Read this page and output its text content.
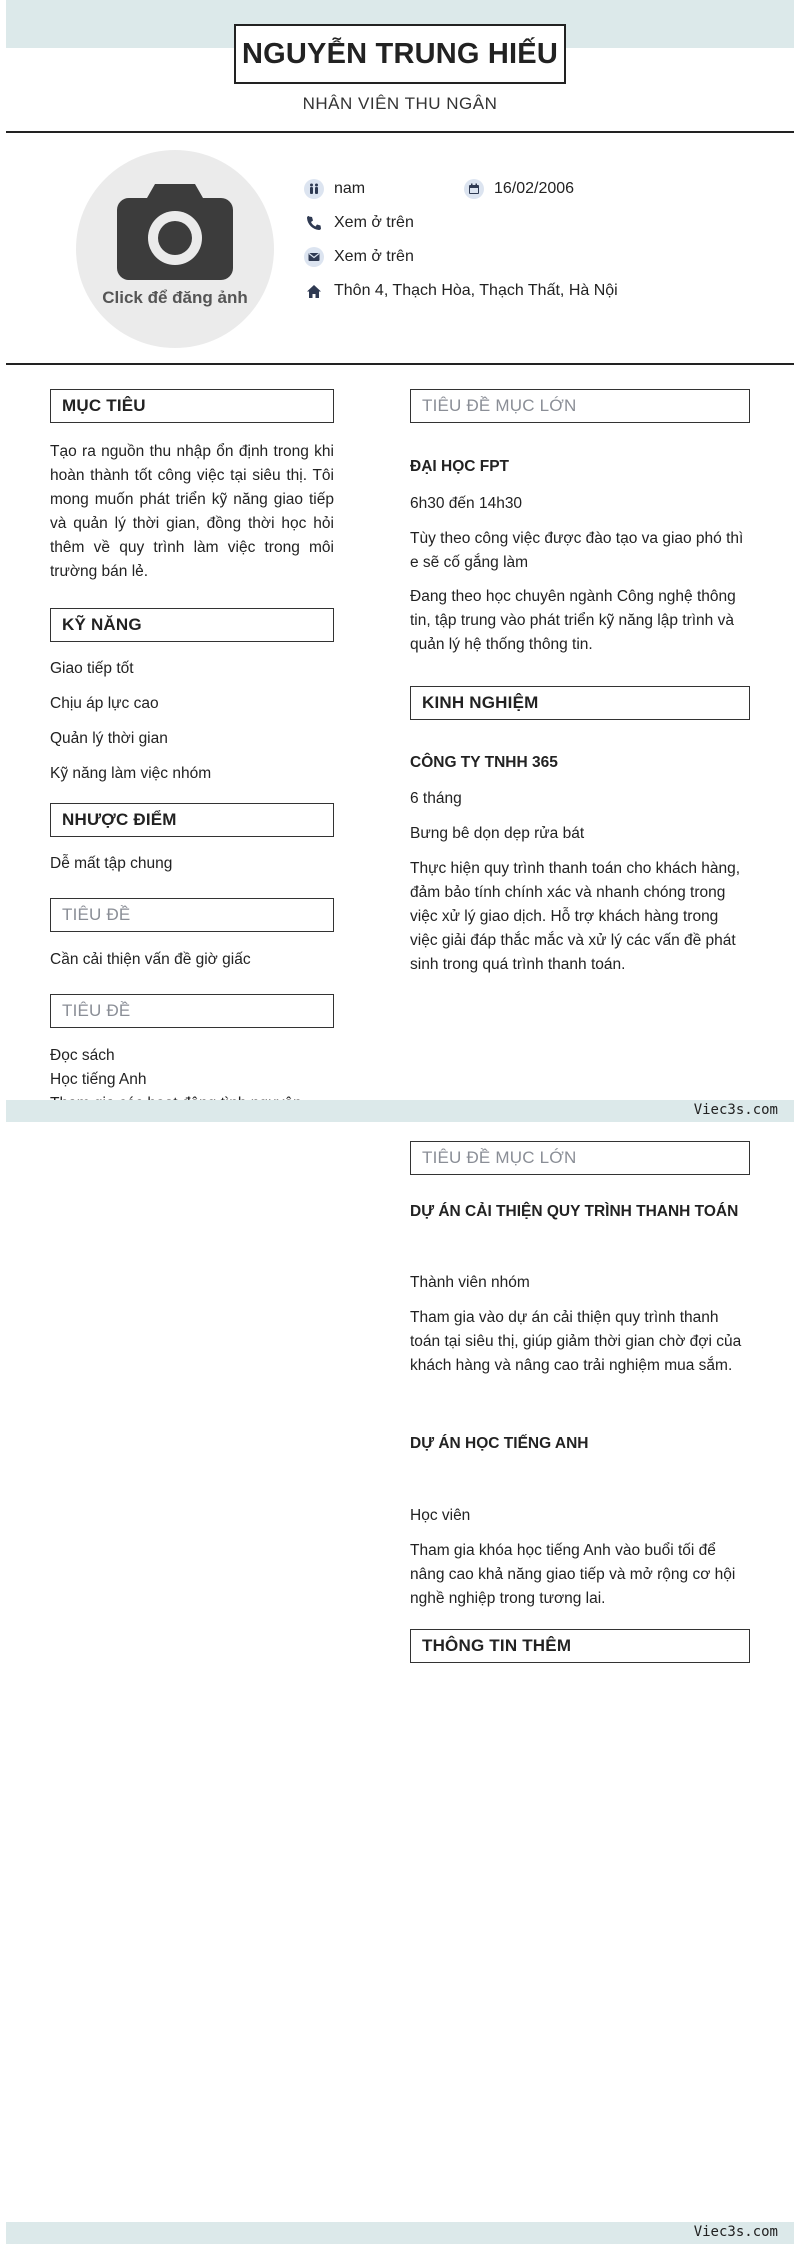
NGUYỄN TRUNG HIẾU
NHÂN VIÊN THU NGÂN
Click để đăng ảnh
nam	16/02/2006
Xem ở trên
Xem ở trên
Thôn 4, Thạch Hòa, Thạch Thất, Hà Nội
MỤC TIÊU
Tạo ra nguồn thu nhập ổn định trong khi hoàn thành tốt công việc tại siêu thị. Tôi mong muốn phát triển kỹ năng giao tiếp và quản lý thời gian, đồng thời học hỏi thêm về quy trình làm việc trong môi trường bán lẻ.
KỸ NĂNG
Giao tiếp tốt
Chịu áp lực cao
Quản lý thời gian
Kỹ năng làm việc nhóm
NHƯỢC ĐIỂM
Dễ mất tập chung
TIÊU ĐỀ
Cần cải thiện vấn đề giờ giấc
TIÊU ĐỀ
Đọc sách
Học tiếng Anh
TIÊU ĐỀ MỤC LỚN
ĐẠI HỌC FPT
6h30 đến 14h30
Tùy theo công việc được đào tạo va giao phó thì e sẽ cố gắng làm
Đang theo học chuyên ngành Công nghệ thông tin, tập trung vào phát triển kỹ năng lập trình và quản lý hệ thống thông tin.
KINH NGHIỆM
CÔNG TY TNHH 365
6 tháng
Bưng bê dọn dẹp rửa bát
Thực hiện quy trình thanh toán cho khách hàng, đảm bảo tính chính xác và nhanh chóng trong việc xử lý giao dịch. Hỗ trợ khách hàng trong việc giải đáp thắc mắc và xử lý các vấn đề phát sinh trong quá trình thanh toán.
Viec3s.com
TIÊU ĐỀ MỤC LỚN
DỰ ÁN CẢI THIỆN QUY TRÌNH THANH TOÁN
Thành viên nhóm
Tham gia vào dự án cải thiện quy trình thanh toán tại siêu thị, giúp giảm thời gian chờ đợi của khách hàng và nâng cao trải nghiệm mua sắm.
DỰ ÁN HỌC TIẾNG ANH
Học viên
Tham gia khóa học tiếng Anh vào buổi tối để nâng cao khả năng giao tiếp và mở rộng cơ hội nghề nghiệp trong tương lai.
THÔNG TIN THÊM
Viec3s.com
